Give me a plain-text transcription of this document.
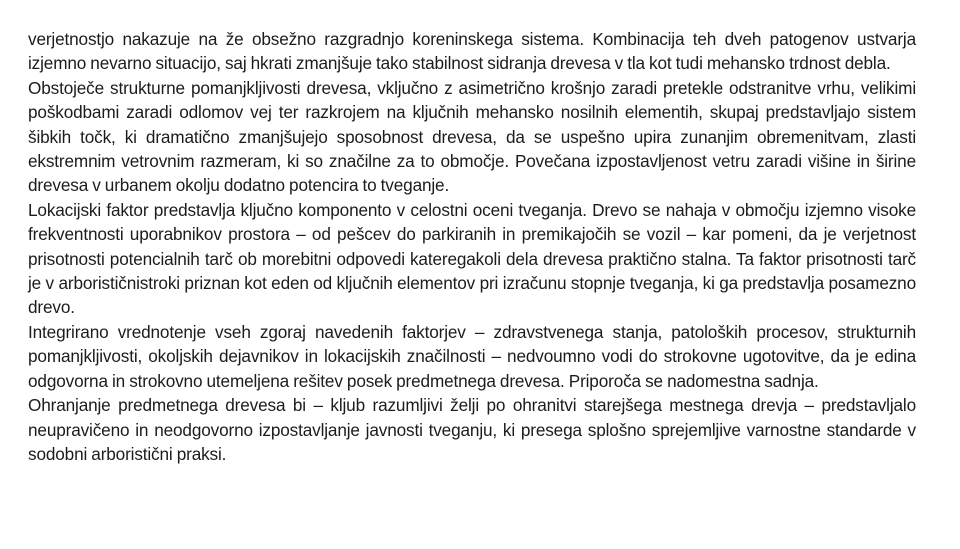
verjetnostjo nakazuje na že obsežno razgradnjo koreninskega sistema. Kombinacija teh dveh patogenov ustvarja izjemno nevarno situacijo, saj hkrati zmanjšuje tako stabilnost sidranja drevesa v tla kot tudi mehansko trdnost debla.

Obstoječe strukturne pomanjkljivosti drevesa, vključno z asimetrično krošnjo zaradi pretekle odstranitve vrhu, velikimi poškodbami zaradi odlomov vej ter razkrojem na ključnih mehansko nosilnih elementih, skupaj predstavljajo sistem šibkih točk, ki dramatično zmanjšujejo sposobnost drevesa, da se uspešno upira zunanjim obremenitvam, zlasti ekstremnim vetrovnim razmeram, ki so značilne za to območje. Povečana izpostavljenost vetru zaradi višine in širine drevesa v urbanem okolju dodatno potencira to tveganje.

Lokacijski faktor predstavlja ključno komponento v celostni oceni tveganja. Drevo se nahaja v območju izjemno visoke frekventnosti uporabnikov prostora – od pešcev do parkiranih in premikajočih se vozil – kar pomeni, da je verjetnost prisotnosti potencialnih tarč ob morebitni odpovedi kateregakoli dela drevesa praktično stalna. Ta faktor prisotnosti tarč je v arborističnistroki priznan kot eden od ključnih elementov pri izračunu stopnje tveganja, ki ga predstavlja posamezno drevo.

Integrirano vrednotenje vseh zgoraj navedenih faktorjev – zdravstvenega stanja, patoloških procesov, strukturnih pomanjkljivosti, okoljskih dejavnikov in lokacijskih značilnosti – nedvoumno vodi do strokovne ugotovitve, da je edina odgovorna in strokovno utemeljena rešitev posek predmetnega drevesa. Priporoča se nadomestna sadnja.

Ohranjanje predmetnega drevesa bi – kljub razumljivi želji po ohranitvi starejšega mestnega drevja – predstavljalo neupravičeno in neodgovorno izpostavljanje javnosti tveganju, ki presega splošno sprejemljive varnostne standarde v sodobni arboristični praksi.
